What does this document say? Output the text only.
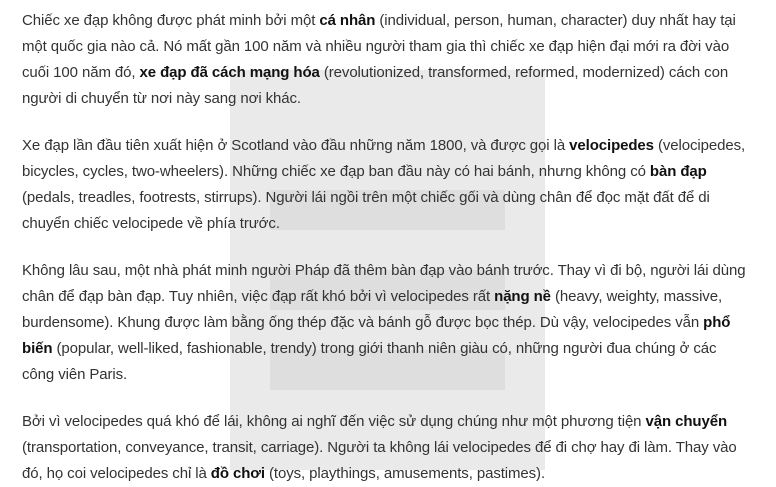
Chiếc xe đạp không được phát minh bởi một cá nhân (individual, person, human, character) duy nhất hay tại một quốc gia nào cả. Nó mất gần 100 năm và nhiều người tham gia thì chiếc xe đạp hiện đại mới ra đời vào cuối 100 năm đó, xe đạp đã cách mạng hóa (revolutionized, transformed, reformed, modernized) cách con người di chuyển từ nơi này sang nơi khác.

Xe đạp lần đầu tiên xuất hiện ở Scotland vào đầu những năm 1800, và được gọi là velocipedes (velocipedes, bicycles, cycles, two-wheelers). Những chiếc xe đạp ban đầu này có hai bánh, nhưng không có bàn đạp (pedals, treadles, footrests, stirrups). Người lái ngồi trên một chiếc gối và dùng chân để đọc mặt đất để di chuyển chiếc velocipede về phía trước.

Không lâu sau, một nhà phát minh người Pháp đã thêm bàn đạp vào bánh trước. Thay vì đi bộ, người lái dùng chân để đạp bàn đạp. Tuy nhiên, việc đạp rất khó bởi vì velocipedes rất nặng nề (heavy, weighty, massive, burdensome). Khung được làm bằng ống thép đặc và bánh gỗ được bọc thép. Dù vậy, velocipedes vẫn phổ biến (popular, well-liked, fashionable, trendy) trong giới thanh niên giàu có, những người đua chúng ở các công viên Paris.

Bởi vì velocipedes quá khó để lái, không ai nghĩ đến việc sử dụng chúng như một phương tiện vận chuyển (transportation, conveyance, transit, carriage). Người ta không lái velocipedes để đi chợ hay đi làm. Thay vào đó, họ coi velocipedes chỉ là đồ chơi (toys, playthings, amusements, pastimes).
